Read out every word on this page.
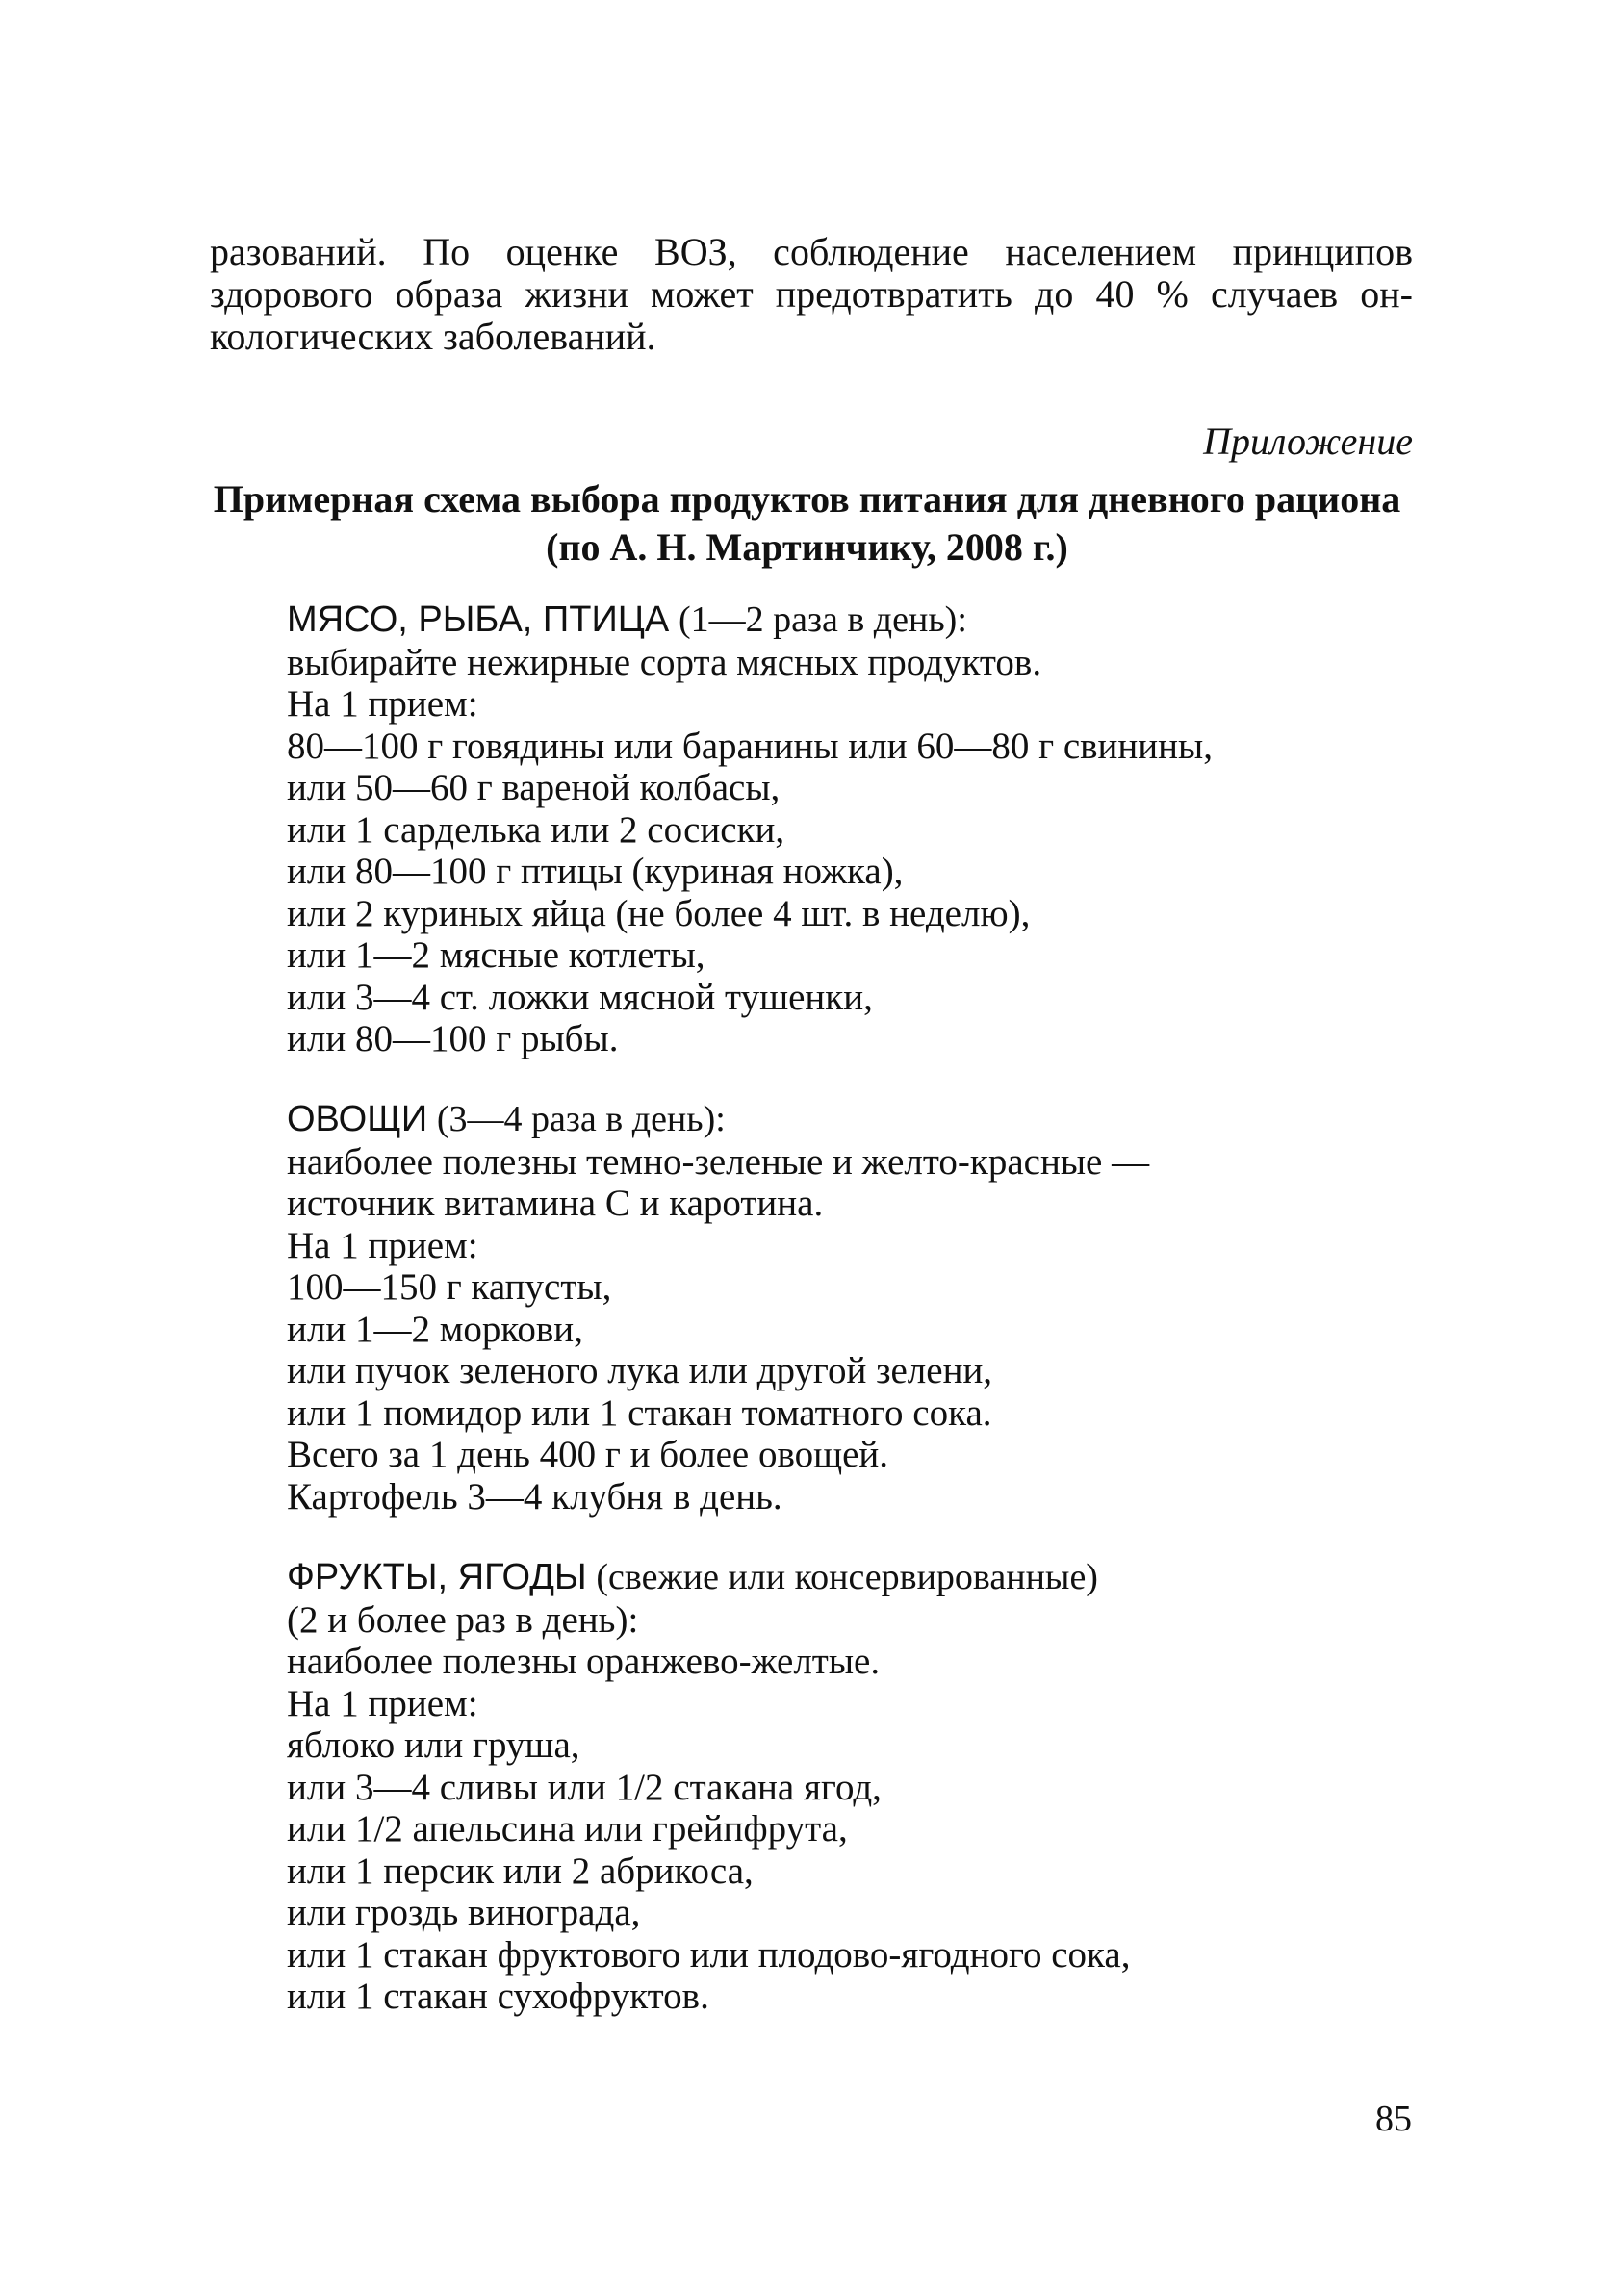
разований. По оценке ВОЗ, соблюдение населением принципов
здорового образа жизни может предотвратить до 40 % случаев он-
кологических заболеваний.
Приложение
Примерная схема выбора продуктов питания для дневного рациона
(по А. Н. Мартинчику, 2008 г.)
МЯСО, РЫБА, ПТИЦА (1—2 раза в день):
выбирайте нежирные сорта мясных продуктов.
На 1 прием:
80—100 г говядины или баранины или 60—80 г свинины,
или 50—60 г вареной колбасы,
или 1 сарделька или 2 сосиски,
или 80—100 г птицы (куриная ножка),
или 2 куриных яйца (не более 4 шт. в неделю),
или 1—2 мясные котлеты,
или 3—4 ст. ложки мясной тушенки,
или 80—100 г рыбы.
ОВОЩИ (3—4 раза в день):
наиболее полезны темно-зеленые и желто-красные —
источник витамина С и каротина.
На 1 прием:
100—150 г капусты,
или 1—2 моркови,
или пучок зеленого лука или другой зелени,
или 1 помидор или 1 стакан томатного сока.
Всего за 1 день 400 г и более овощей.
Картофель 3—4 клубня в день.
ФРУКТЫ, ЯГОДЫ (свежие или консервированные)
(2 и более раз в день):
наиболее полезны оранжево-желтые.
На 1 прием:
яблоко или груша,
или 3—4 сливы или 1/2 стакана ягод,
или 1/2 апельсина или грейпфрута,
или 1 персик или 2 абрикоса,
или гроздь винограда,
или 1 стакан фруктового или плодово-ягодного сока,
или 1 стакан сухофруктов.
85
